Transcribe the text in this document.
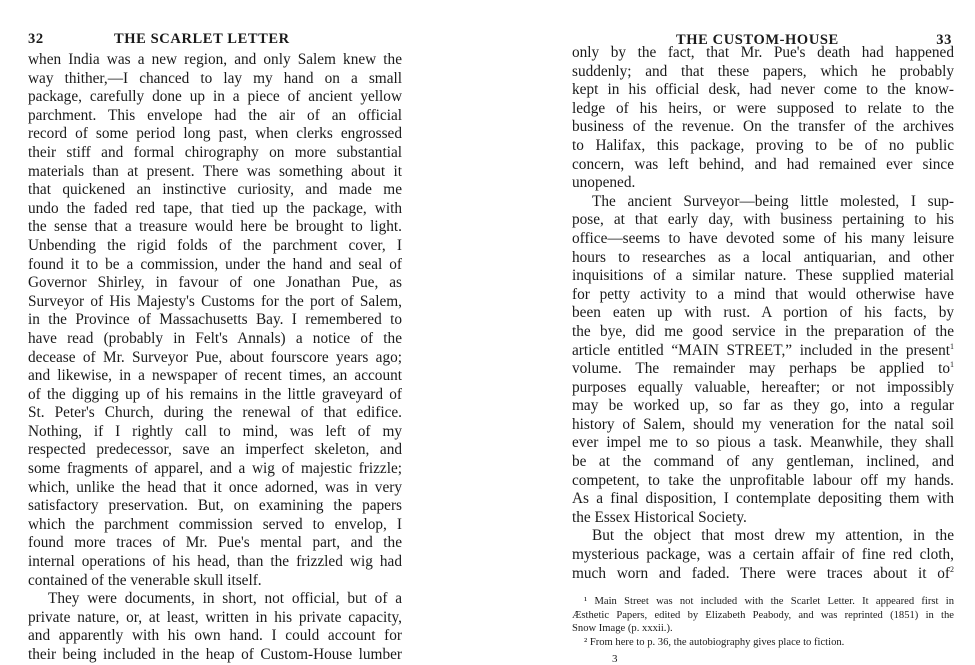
32	THE SCARLET LETTER
when India was a new region, and only Salem knew the
way thither,—I chanced to lay my hand on a small
package, carefully done up in a piece of ancient yellow
parchment. This envelope had the air of an official
record of some period long past, when clerks engrossed
their stiff and formal chirography on more substantial
materials than at present. There was something about it
that quickened an instinctive curiosity, and made me
undo the faded red tape, that tied up the package, with
the sense that a treasure would here be brought to light.
Unbending the rigid folds of the parchment cover, I
found it to be a commission, under the hand and seal of
Governor Shirley, in favour of one Jonathan Pue, as
Surveyor of His Majesty's Customs for the port of Salem,
in the Province of Massachusetts Bay. I remembered to
have read (probably in Felt's Annals) a notice of the
decease of Mr. Surveyor Pue, about fourscore years ago;
and likewise, in a newspaper of recent times, an account
of the digging up of his remains in the little graveyard of
St. Peter's Church, during the renewal of that edifice.
Nothing, if I rightly call to mind, was left of my
respected predecessor, save an imperfect skeleton, and
some fragments of apparel, and a wig of majestic frizzle;
which, unlike the head that it once adorned, was in very
satisfactory preservation. But, on examining the papers
which the parchment commission served to envelop, I
found more traces of Mr. Pue's mental part, and the
internal operations of his head, than the frizzled wig had
contained of the venerable skull itself.
They were documents, in short, not official, but of a
private nature, or, at least, written in his private capacity,
and apparently with his own hand. I could account for
their being included in the heap of Custom-House lumber
THE CUSTOM-HOUSE	33
only by the fact, that Mr. Pue's death had happened
suddenly; and that these papers, which he probably
kept in his official desk, had never come to the know-
ledge of his heirs, or were supposed to relate to the
business of the revenue. On the transfer of the archives
to Halifax, this package, proving to be of no public
concern, was left behind, and had remained ever since
unopened.
The ancient Surveyor—being little molested, I sup-
pose, at that early day, with business pertaining to his
office—seems to have devoted some of his many leisure
hours to researches as a local antiquarian, and other
inquisitions of a similar nature. These supplied material
for petty activity to a mind that would otherwise have
been eaten up with rust. A portion of his facts, by
the bye, did me good service in the preparation of the
article entitled “MAIN STREET,” included in the present$^1$
volume. The remainder may perhaps be applied $to^1$
purposes equally valuable, hereafter; or not impossibly
may be worked up, so far as they go, into a regular
history of Salem, should my veneration for the natal soil
ever impel me to so pious a task. Meanwhile, they shall
be at the command of any gentleman, inclined, and
competent, to take the unprofitable labour off my hands.
As a final disposition, I contemplate depositing them with
the Essex Historical Society.
But the object that most drew my attention, in the
mysterious package, was a certain affair of fine red cloth,
much worn and faded. There were traces about it $of^2$
¹ Main Street was not included with the Scarlet Letter. It appeared first in
Æsthetic Papers, edited by Elizabeth Peabody, and was reprinted (1851) in the
Snow Image (p. xxxii.).
² From here to p. 36, the autobiography gives place to fiction.
3
